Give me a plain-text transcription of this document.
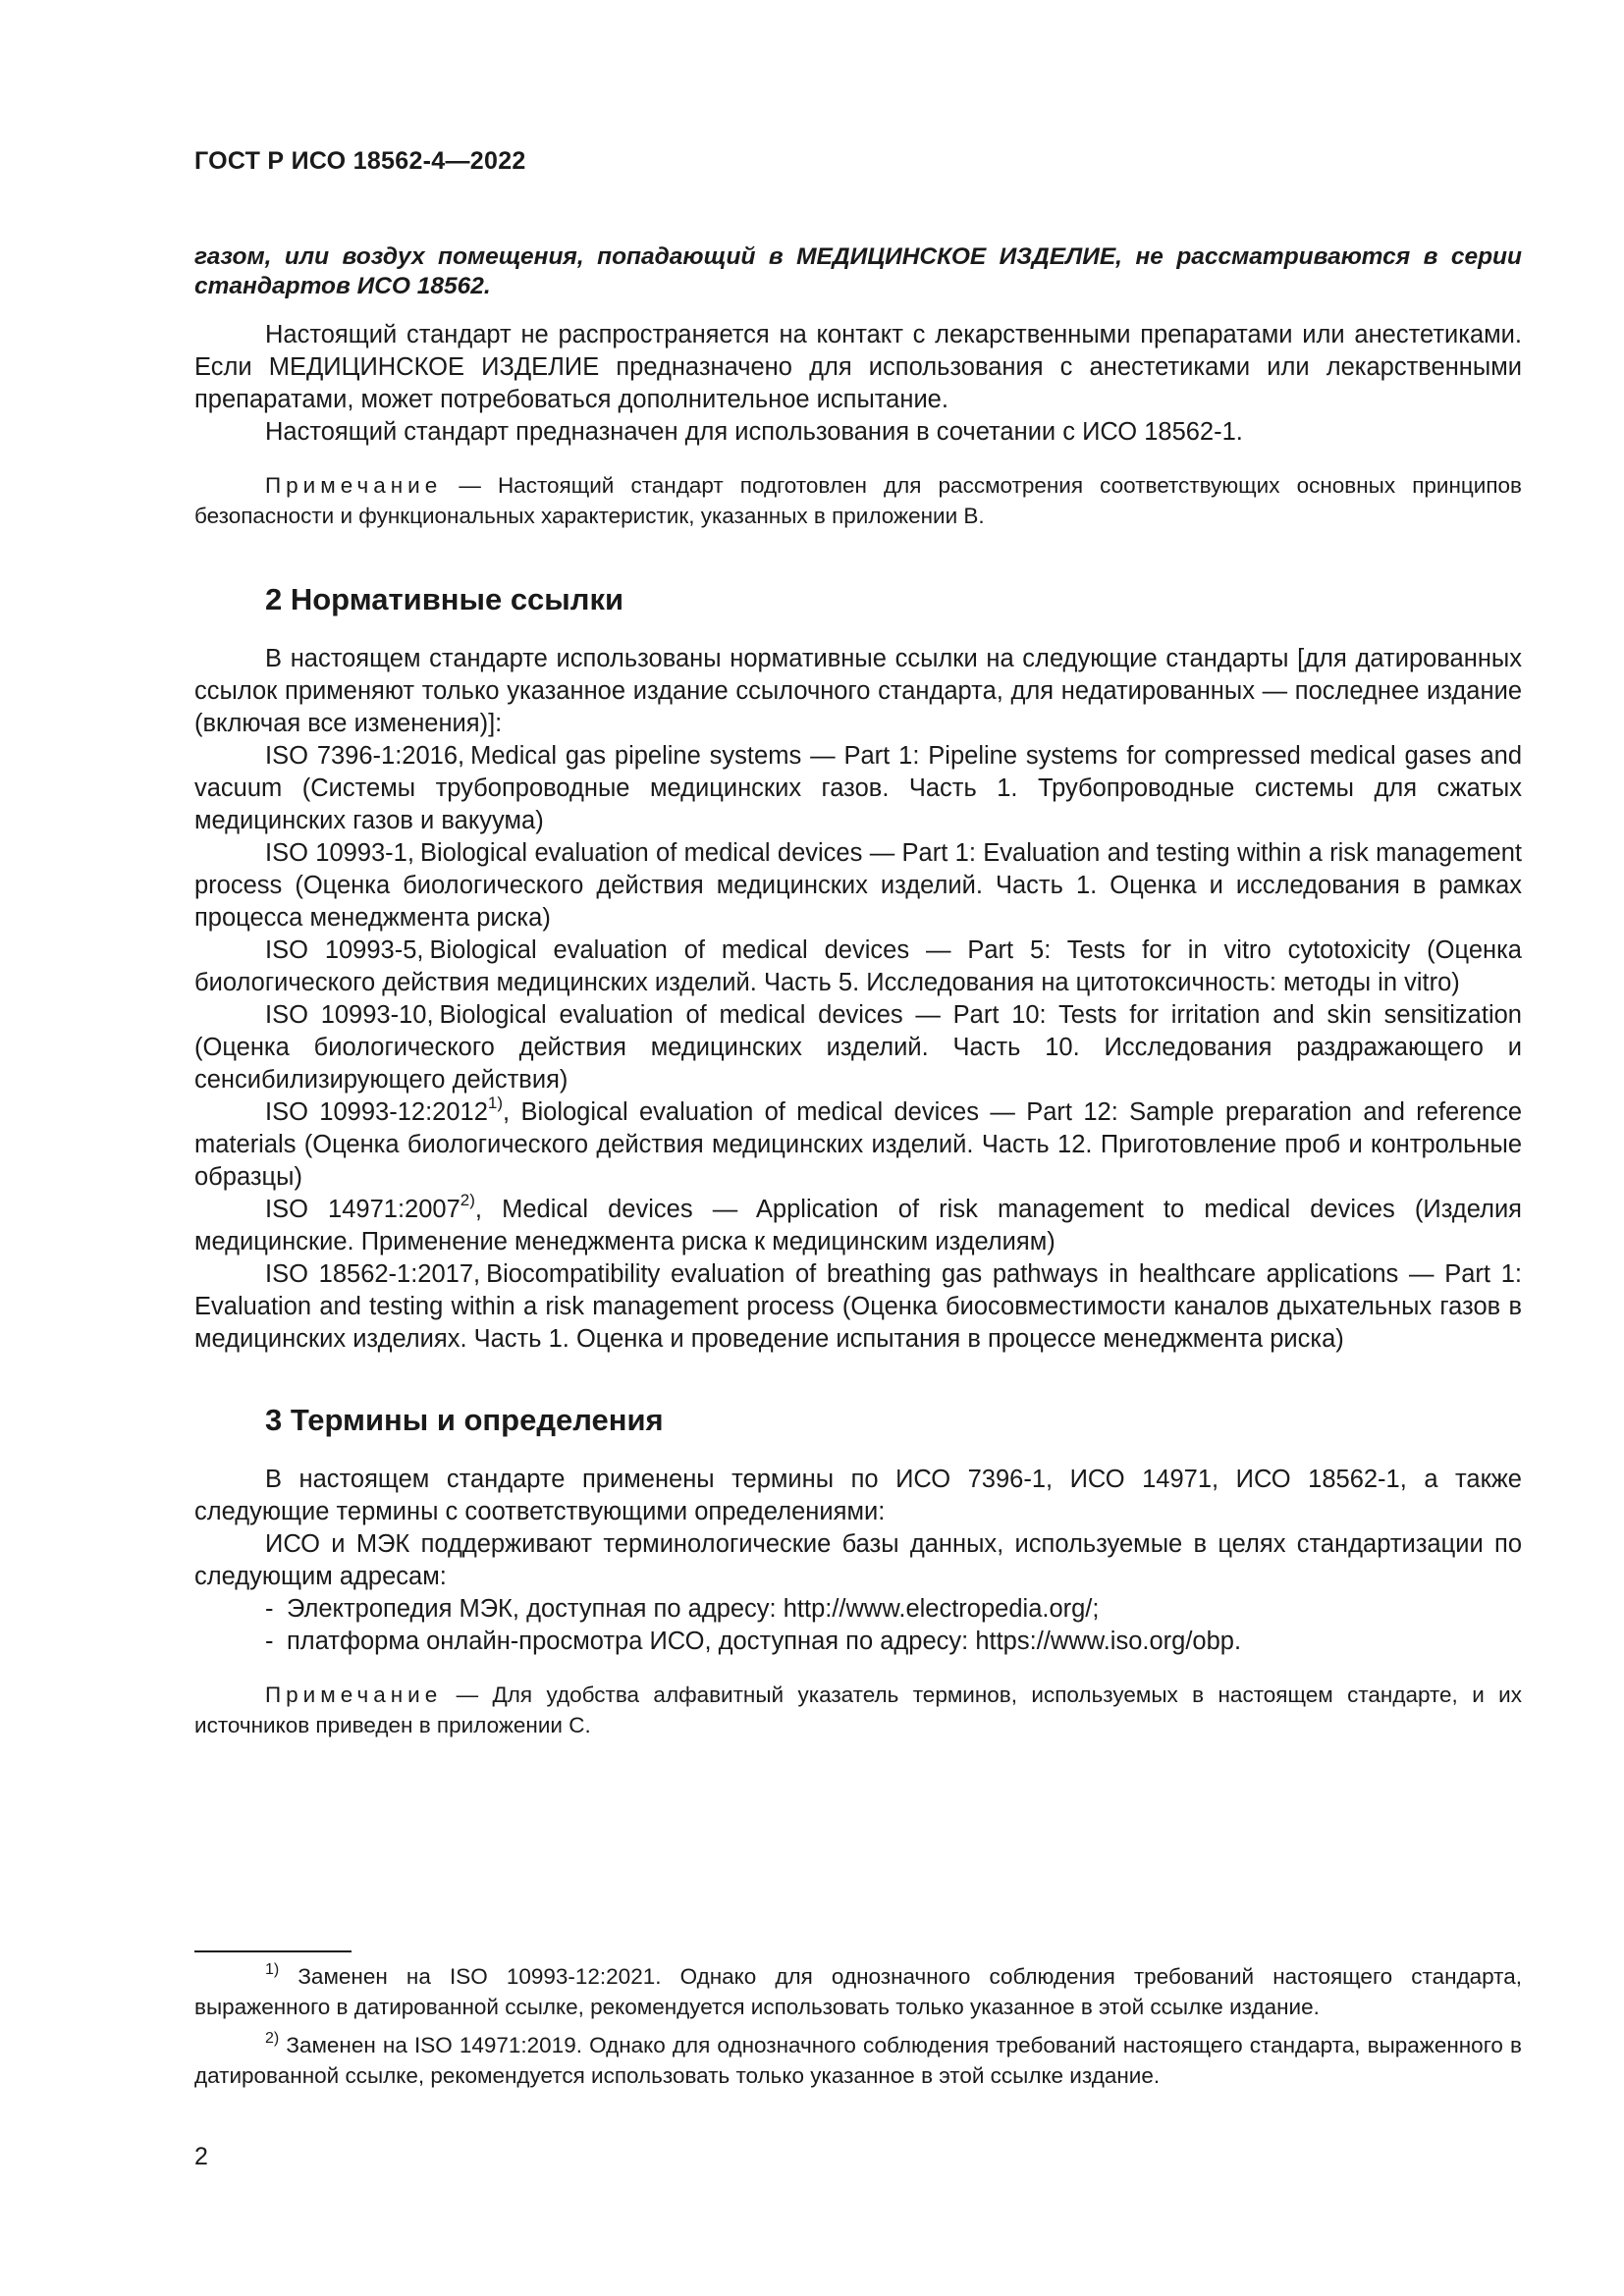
ГОСТ Р ИСО 18562-4—2022

газом, или воздух помещения, попадающий в МЕДИЦИНСКОЕ ИЗДЕЛИЕ, не рассматриваются в серии стандартов ИСО 18562.

Настоящий стандарт не распространяется на контакт с лекарственными препаратами или анестетиками. Если МЕДИЦИНСКОЕ ИЗДЕЛИЕ предназначено для использования с анестетиками или лекарственными препаратами, может потребоваться дополнительное испытание.

Настоящий стандарт предназначен для использования в сочетании с ИСО 18562-1.

Примечание — Настоящий стандарт подготовлен для рассмотрения соответствующих основных принципов безопасности и функциональных характеристик, указанных в приложении B.

2 Нормативные ссылки

В настоящем стандарте использованы нормативные ссылки на следующие стандарты [для датированных ссылок применяют только указанное издание ссылочного стандарта, для недатированных — последнее издание (включая все изменения)]:

ISO 7396-1:2016, Medical gas pipeline systems — Part 1: Pipeline systems for compressed medical gases and vacuum (Системы трубопроводные медицинских газов. Часть 1. Трубопроводные системы для сжатых медицинских газов и вакуума)

ISO 10993-1, Biological evaluation of medical devices — Part 1: Evaluation and testing within a risk management process (Оценка биологического действия медицинских изделий. Часть 1. Оценка и исследования в рамках процесса менеджмента риска)

ISO 10993-5, Biological evaluation of medical devices — Part 5: Tests for in vitro cytotoxicity (Оценка биологического действия медицинских изделий. Часть 5. Исследования на цитотоксичность: методы in vitro)

ISO 10993-10, Biological evaluation of medical devices — Part 10: Tests for irritation and skin sensitization (Оценка биологического действия медицинских изделий. Часть 10. Исследования раздражающего и сенсибилизирующего действия)

ISO 10993-12:2012$^{1)}$, Biological evaluation of medical devices — Part 12: Sample preparation and reference materials (Оценка биологического действия медицинских изделий. Часть 12. Приготовление проб и контрольные образцы)

ISO 14971:2007$^{2)}$, Medical devices — Application of risk management to medical devices (Изделия медицинские. Применение менеджмента риска к медицинским изделиям)

ISO 18562-1:2017, Biocompatibility evaluation of breathing gas pathways in healthcare applications — Part 1: Evaluation and testing within a risk management process (Оценка биосовместимости каналов дыхательных газов в медицинских изделиях. Часть 1. Оценка и проведение испытания в процессе менеджмента риска)

3 Термины и определения

В настоящем стандарте применены термины по ИСО 7396-1, ИСО 14971, ИСО 18562-1, а также следующие термины с соответствующими определениями:

ИСО и МЭК поддерживают терминологические базы данных, используемые в целях стандартизации по следующим адресам:

- Электропедия МЭК, доступная по адресу: http://www.electropedia.org/;
- платформа онлайн-просмотра ИСО, доступная по адресу: https://www.iso.org/obp.

Примечание — Для удобства алфавитный указатель терминов, используемых в настоящем стандарте, и их источников приведен в приложении C.

$^{1)}$ Заменен на ISO 10993-12:2021. Однако для однозначного соблюдения требований настоящего стандарта, выраженного в датированной ссылке, рекомендуется использовать только указанное в этой ссылке издание.

$^{2)}$ Заменен на ISO 14971:2019. Однако для однозначного соблюдения требований настоящего стандарта, выраженного в датированной ссылке, рекомендуется использовать только указанное в этой ссылке издание.

2
